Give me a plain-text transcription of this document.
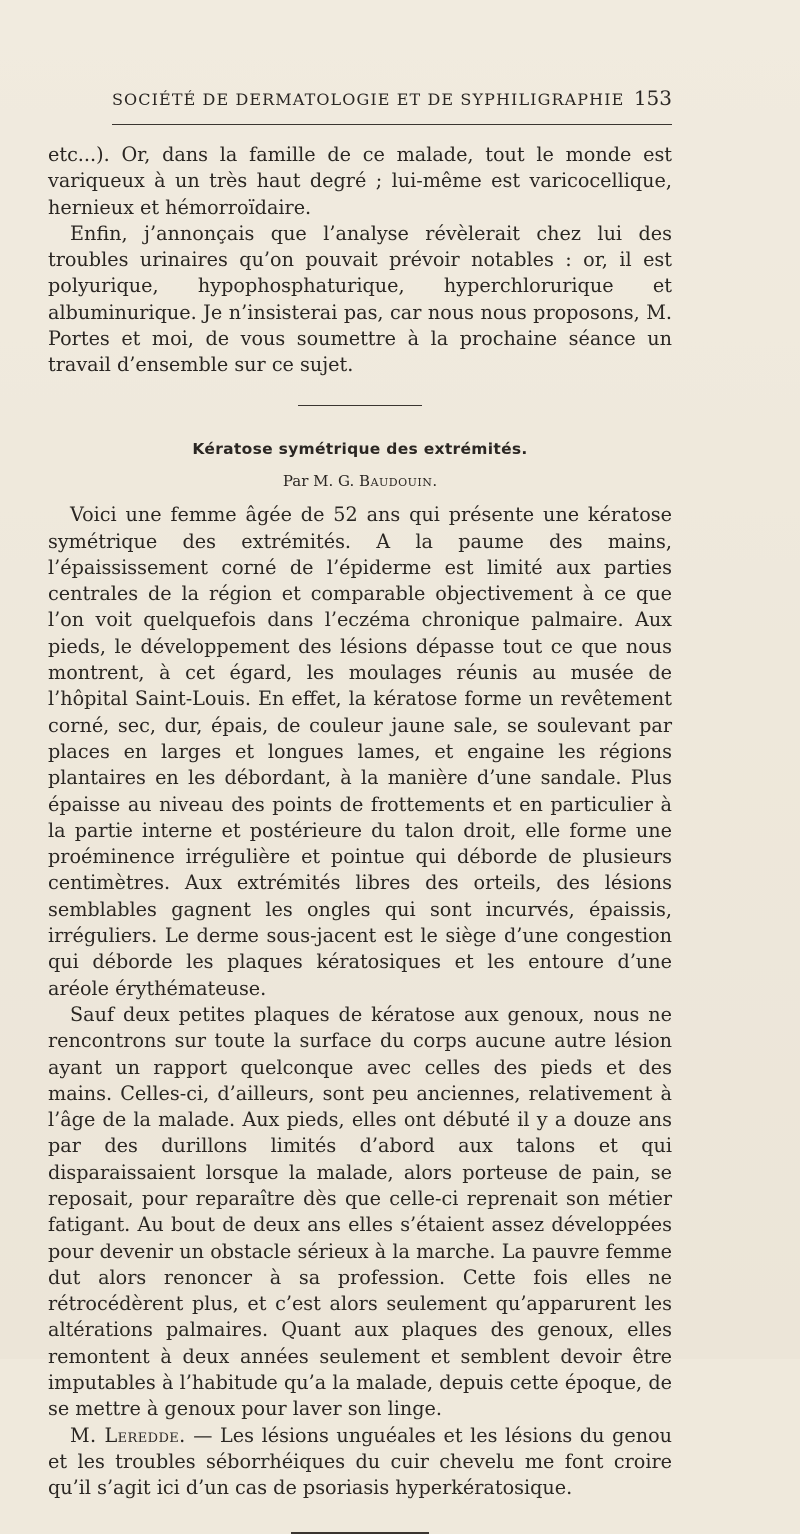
SOCIÉTÉ DE DERMATOLOGIE ET DE SYPHILIGRAPHIE 153

etc...). Or, dans la famille de ce malade, tout le monde est variqueux à un très haut degré ; lui-même est varicocellique, hernieux et hémorroïdaire.

Enfin, j’annonçais que l’analyse révèlerait chez lui des troubles urinaires qu’on pouvait prévoir notables : or, il est polyurique, hypophosphaturique, hyperchlorurique et albuminurique. Je n’insisterai pas, car nous nous proposons, M. Portes et moi, de vous soumettre à la prochaine séance un travail d’ensemble sur ce sujet.

Kératose symétrique des extrémités.
Par M. G. Baudouin.

Voici une femme âgée de 52 ans qui présente une kératose symétrique des extrémités. A la paume des mains, l’épaississement corné de l’épiderme est limité aux parties centrales de la région et comparable objectivement à ce que l’on voit quelquefois dans l’eczéma chronique palmaire. Aux pieds, le développement des lésions dépasse tout ce que nous montrent, à cet égard, les moulages réunis au musée de l’hôpital Saint-Louis. En effet, la kératose forme un revêtement corné, sec, dur, épais, de couleur jaune sale, se soulevant par places en larges et longues lames, et engaine les régions plantaires en les débordant, à la manière d’une sandale. Plus épaisse au niveau des points de frottements et en particulier à la partie interne et postérieure du talon droit, elle forme une proéminence irrégulière et pointue qui déborde de plusieurs centimètres. Aux extrémités libres des orteils, des lésions semblables gagnent les ongles qui sont incurvés, épaissis, irréguliers. Le derme sous-jacent est le siège d’une congestion qui déborde les plaques kératosiques et les entoure d’une aréole érythémateuse.

Sauf deux petites plaques de kératose aux genoux, nous ne rencontrons sur toute la surface du corps aucune autre lésion ayant un rapport quelconque avec celles des pieds et des mains. Celles-ci, d’ailleurs, sont peu anciennes, relativement à l’âge de la malade. Aux pieds, elles ont débuté il y a douze ans par des durillons limités d’abord aux talons et qui disparaissaient lorsque la malade, alors porteuse de pain, se reposait, pour reparaître dès que celle-ci reprenait son métier fatigant. Au bout de deux ans elles s’étaient assez développées pour devenir un obstacle sérieux à la marche. La pauvre femme dut alors renoncer à sa profession. Cette fois elles ne rétrocédèrent plus, et c’est alors seulement qu’apparurent les altérations palmaires. Quant aux plaques des genoux, elles remontent à deux années seulement et semblent devoir être imputables à l’habitude qu’a la malade, depuis cette époque, de se mettre à genoux pour laver son linge.

M. Leredde. — Les lésions unguéales et les lésions du genou et les troubles séborrhéiques du cuir chevelu me font croire qu’il s’agit ici d’un cas de psoriasis hyperkératosique.
